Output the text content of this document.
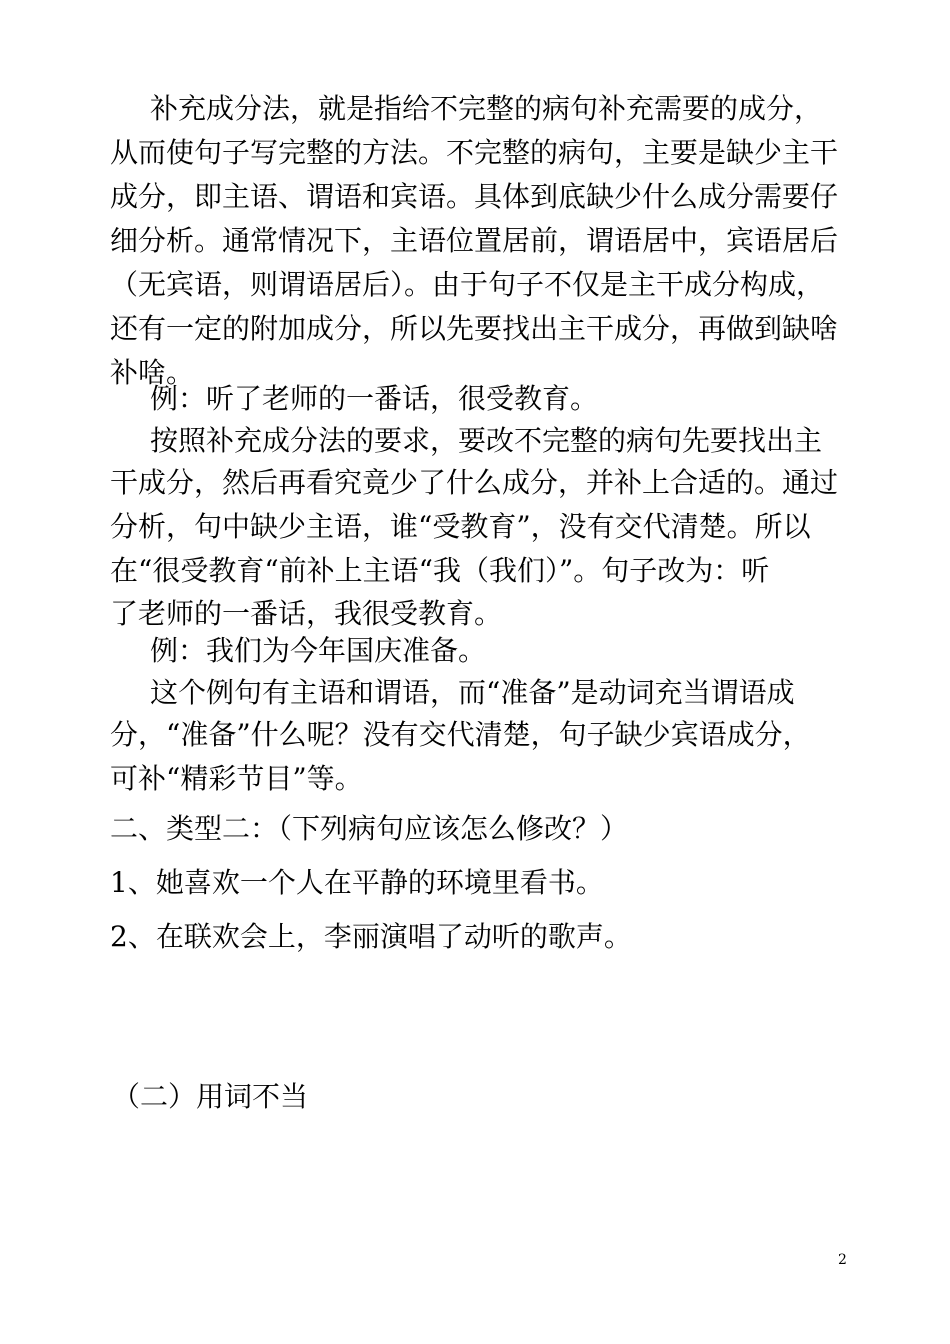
补充成分法，就是指给不完整的病句补充需要的成分，
从而使句子写完整的方法。不完整的病句，主要是缺少主干
成分，即主语、谓语和宾语。具体到底缺少什么成分需要仔
细分析。通常情况下，主语位置居前，谓语居中，宾语居后
（无宾语，则谓语居后）。由于句子不仅是主干成分构成，
还有一定的附加成分，所以先要找出主干成分，再做到缺啥
补啥。
例：听了老师的一番话，很受教育。
按照补充成分法的要求，要改不完整的病句先要找出主
干成分，然后再看究竟少了什么成分，并补上合适的。通过
分析，句中缺少主语，谁“受教育”，没有交代清楚。所以
在“很受教育“前补上主语“我（我们）”。句子改为：听
了老师的一番话，我很受教育。
例：我们为今年国庆准备。
这个例句有主语和谓语，而“准备”是动词充当谓语成
分，“准备”什么呢？没有交代清楚，句子缺少宾语成分，
可补“精彩节目”等。
二、类型二：（下列病句应该怎么修改？）
1、她喜欢一个人在平静的环境里看书。
2、在联欢会上，李丽演唱了动听的歌声。
（二）用词不当
2
